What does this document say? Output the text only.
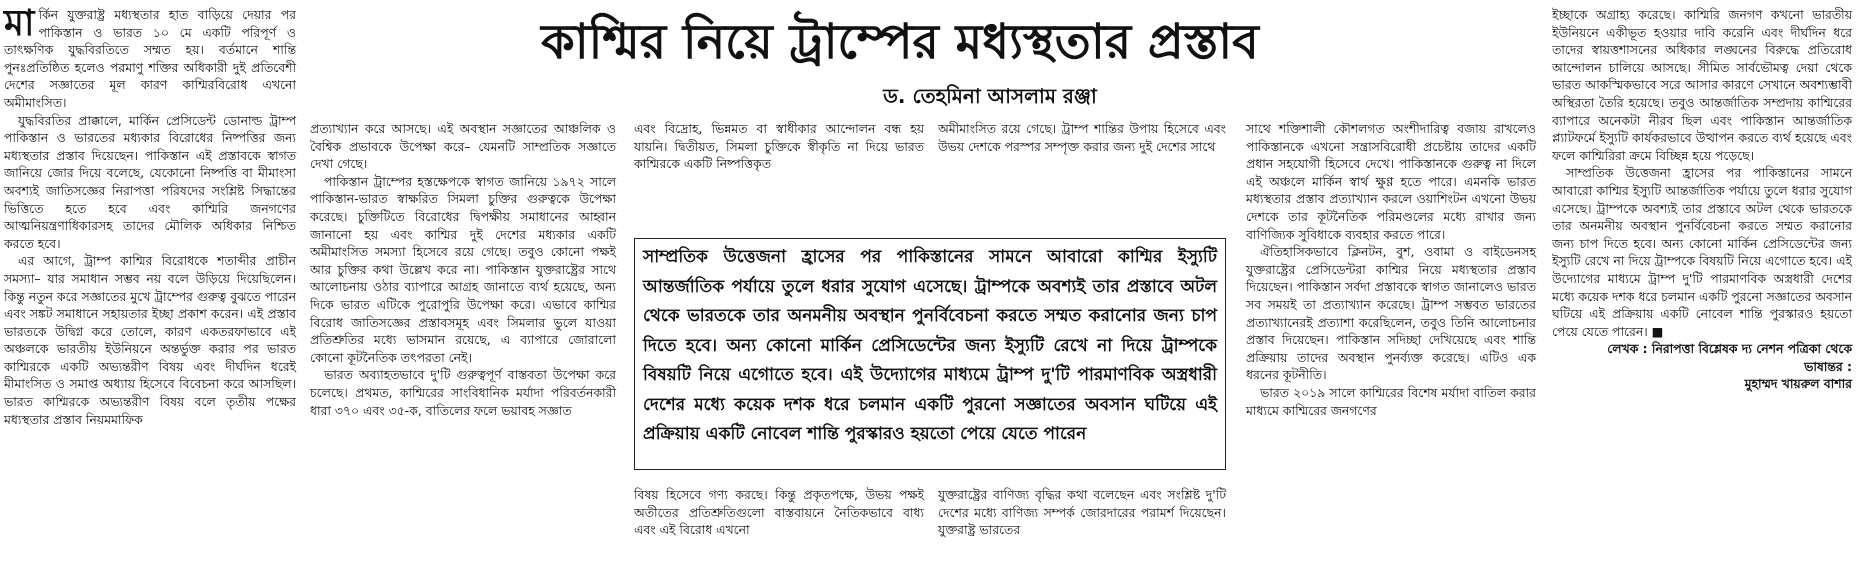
মার্কিন যুক্তরাষ্ট্র মধ্যস্থতার হাত বাড়িয়ে দেয়ার পর পাকিস্তান ও ভারত ১০ মে একটি পরিপূর্ণ ও তাৎক্ষণিক যুদ্ধবিরতিতে সম্মত হয়। বর্তমানে শান্তি পুনঃপ্রতিষ্ঠিত হলেও পরমাণু শক্তির অধিকারী দুই প্রতিবেশী দেশের সজ্ঞাতের মূল কারণ কাশ্মিরবিরোধ এখনো অমীমাংসিত।

যুদ্ধবিরতির প্রাক্কালে, মার্কিন প্রেসিডেন্ট ডোনাল্ড ট্রাম্প পাকিস্তান ও ভারতের মধ্যকার বিরোধের নিষ্পত্তির জন্য মধ্যস্থতার প্রস্তাব দিয়েছেন। পাকিস্তান এই প্রস্তাবকে স্বাগত জানিয়ে জোর দিয়ে বলেছে, যেকোনো নিষ্পত্তি বা মীমাংসা অবশ্যই জাতিসজ্ঞের নিরাপত্তা পরিষদের সংশ্লিষ্ট সিদ্ধান্তের ভিত্তিতে হতে হবে এবং কাশ্মিরি জনগণের আত্মনিয়ন্ত্রণাধিকারসহ তাদের মৌলিক অধিকার নিশ্চিত করতে হবে।

এর আগে, ট্রাম্প কাশ্মির বিরোধকে শতাব্দীর প্রাচীন সমস্যা– যার সমাধান সম্ভব নয় বলে উড়িয়ে দিয়েছিলেন। কিন্তু নতুন করে সজ্ঞাতের মুখে ট্রাম্পের গুরুত্ব বুঝতে পারেন এবং সঙ্কট সমাধানে সহায়তার ইচ্ছা প্রকাশ করেন। এই প্রস্তাব ভারতকে উদ্বিগ্ন করে তোলে, কারণ একতরফাভাবে এই অঞ্চলকে ভারতীয় ইউনিয়নে অন্তর্ভুক্ত করার পর ভারত কাশ্মিরকে একটি অভ্যন্তরীণ বিষয় এবং দীর্ঘদিন ধরেই মীমাংসিত ও সমাপ্ত অধ্যায় হিসেবে বিবেচনা করে আসছিল। ভারত কাশ্মিরকে অভ্যন্তরীণ বিষয় বলে তৃতীয় পক্ষের মধ্যস্থতার প্রস্তাব নিয়মমাফিক

প্রত্যাখ্যান করে আসছে। এই অবস্থান সজ্ঞাতের আঞ্চলিক ও বৈশ্বিক প্রভাবকে উপেক্ষা করে– যেমনটি সাম্প্রতিক সজ্ঞাতে দেখা গেছে।

পাকিস্তান ট্রাম্পের হস্তক্ষেপকে স্বাগত জানিয়ে ১৯৭২ সালে পাকিস্তান-ভারত স্বাক্ষরিত সিমলা চুক্তির গুরুত্বকে উপেক্ষা করেছে। চুক্তিটিতে বিরোধের দ্বিপক্ষীয় সমাধানের আহ্বান জানানো হয় এবং কাশ্মির দুই দেশের মধ্যকার একটি অমীমাংসিত সমস্যা হিসেবে রয়ে গেছে। তবুও কোনো পক্ষই আর চুক্তির কথা উল্লেখ করে না। পাকিস্তান যুক্তরাষ্ট্রের সাথে আলোচনায় ওঠার ব্যাপারে আগ্রহ জানাতে ব্যর্থ হয়েছে, অন্য দিকে ভারত এটিকে পুরোপুরি উপেক্ষা করে। এভাবে কাশ্মির বিরোধ জাতিসজ্ঞের প্রস্তাবসমূহ এবং সিমলার ভুলে যাওয়া প্রতিশ্রুতির মধ্যে ভাসমান রয়েছে, এ ব্যাপারে জোরালো কোনো কূটনৈতিক তৎপরতা নেই।

ভারত অব্যাহতভাবে দু'টি গুরুত্বপূর্ণ বাস্তবতা উপেক্ষা করে চলেছে। প্রথমত, কাশ্মিরের সাংবিধানিক মর্যাদা পরিবর্তনকারী ধারা ৩৭০ এবং ৩৫-ক, বাতিলের ফলে ভয়াবহ সজ্ঞাত

কাশ্মির নিয়ে ট্রাম্পের মধ্যস্থতার প্রস্তাব
ড. তেহমিনা আসলাম রঞ্জা

এবং বিদ্রোহ, ভিন্নমত বা স্বাধীকার আন্দোলন বন্ধ হয় যায়নি। দ্বিতীয়ত, সিমলা চুক্তিকে স্বীকৃতি না দিয়ে ভারত কাশ্মিরকে একটি নিষ্পত্তিকৃত

অমীমাংসিত রয়ে গেছে। ট্রাম্প শান্তির উপায় হিসেবে এবং উভয় দেশকে পরস্পর সম্পৃক্ত করার জন্য দুই দেশের সাথে

সাম্প্রতিক উত্তেজনা হ্রাসের পর পাকিস্তানের সামনে আবারো কাশ্মির ইস্যুটি আন্তর্জাতিক পর্যায়ে তুলে ধরার সুযোগ এসেছে। ট্রাম্পকে অবশ্যই তার প্রস্তাবে অটল থেকে ভারতকে তার অনমনীয় অবস্থান পুনর্বিবেচনা করতে সম্মত করানোর জন্য চাপ দিতে হবে। অন্য কোনো মার্কিন প্রেসিডেন্টের জন্য ইস্যুটি রেখে না দিয়ে ট্রাম্পকে বিষয়টি নিয়ে এগোতে হবে। এই উদ্যোগের মাধ্যমে ট্রাম্প দু'টি পারমাণবিক অস্ত্রধারী দেশের মধ্যে কয়েক দশক ধরে চলমান একটি পুরনো সজ্ঞাতের অবসান ঘটিয়ে এই প্রক্রিয়ায় একটি নোবেল শান্তি পুরস্কারও হয়তো পেয়ে যেতে পারেন

বিষয় হিসেবে গণ্য করছে। কিন্তু প্রকৃতপক্ষে, উভয় পক্ষই অতীতের প্রতিশ্রুতিগুলো বাস্তবায়নে নৈতিকভাবে বাধ্য এবং এই বিরোধ এখনো

যুক্তরাষ্ট্রের বাণিজ্য বৃদ্ধির কথা বলেছেন এবং সংশ্লিষ্ট দু'টি দেশের মধ্যে বাণিজ্য সম্পর্ক জোরদারের পরামর্শ দিয়েছেন। যুক্তরাষ্ট্র ভারতের

সাথে শক্তিশালী কৌশলগত অংশীদারিত্ব বজায় রাখলেও পাকিস্তানকে এখনো সন্ত্রাসবিরোধী প্রচেষ্টায় তাদের একটি প্রধান সহযোগী হিসেবে দেখে। পাকিস্তানকে গুরুত্ব না দিলে এই অঞ্চলে মার্কিন স্বার্থ ক্ষুণ্ণ হতে পারে। এমনকি ভারত মধ্যস্থতার প্রস্তাব প্রত্যাখ্যান করলে ওয়াশিংটন এখনো উভয় দেশকে তার কূটনৈতিক পরিমণ্ডলের মধ্যে রাখার জন্য বাণিজ্যিক সুবিধাকে ব্যবহার করতে পারে।

ঐতিহাসিকভাবে ক্লিনটন, বুশ, ওবামা ও বাইডেনসহ যুক্তরাষ্ট্রের প্রেসিডেন্টরা কাশ্মির নিয়ে মধ্যস্থতার প্রস্তাব দিয়েছেন। পাকিস্তান সর্বদা প্রস্তাবকে স্বাগত জানালেও ভারত সব সময়ই তা প্রত্যাখ্যান করেছে। ট্রাম্প সম্ভবত ভারতের প্রত্যাখ্যানেরই প্রত্যাশা করেছিলেন, তবুও তিনি আলোচনার প্রস্তাব দিয়েছেন। পাকিস্তান সদিচ্ছা দেখিয়েছে এবং শান্তি প্রক্রিয়ায় তাদের অবস্থান পুনর্ব্যক্ত করেছে। এটিও এক ধরনের কূটনীতি।

ভারত ২০১৯ সালে কাশ্মিরের বিশেষ মর্যাদা বাতিল করার মাধ্যমে কাশ্মিরের জনগণের

ইচ্ছাকে অগ্রাহ্য করেছে। কাশ্মিরি জনগণ কখনো ভারতীয় ইউনিয়নে একীভূত হওয়ার দাবি করেনি এবং দীর্ঘদিন ধরে তাদের স্বায়ত্তশাসনের অধিকার লঙ্ঘনের বিরুদ্ধে প্রতিরোধ আন্দোলন চালিয়ে আসছে। সীমিত সার্বভৌমত্ব দেয়া থেকে ভারত আকস্মিকভাবে সরে আসার কারণে সেখানে অবশ্যম্ভাবী অস্থিরতা তৈরি হয়েছে। তবুও আন্তর্জাতিক সম্প্রদায় কাশ্মিরের ব্যাপারে অনেকটা নীরব ছিল এবং পাকিস্তান আন্তর্জাতিক প্ল্যাটফর্মে ইস্যুটি কার্যকরভাবে উত্থাপন করতে ব্যর্থ হয়েছে এবং ফলে কাশ্মিরিরা ক্রমে বিচ্ছিন্ন হয়ে পড়েছে।

সাম্প্রতিক উত্তেজনা হ্রাসের পর পাকিস্তানের সামনে আবারো কাশ্মির ইস্যুটি আন্তর্জাতিক পর্যায়ে তুলে ধরার সুযোগ এসেছে। ট্রাম্পকে অবশ্যই তার প্রস্তাবে অটল থেকে ভারতকে তার অনমনীয় অবস্থান পুনর্বিবেচনা করতে সম্মত করানোর জন্য চাপ দিতে হবে। অন্য কোনো মার্কিন প্রেসিডেন্টের জন্য ইস্যুটি রেখে না দিয়ে ট্রাম্পকে বিষয়টি নিয়ে এগোতে হবে। এই উদ্যোগের মাধ্যমে ট্রাম্প দু'টি পারমাণবিক অস্ত্রধারী দেশের মধ্যে কয়েক দশক ধরে চলমান একটি পুরনো সজ্ঞাতের অবসান ঘটিয়ে এই প্রক্রিয়ায় একটি নোবেল শান্তি পুরস্কারও হয়তো পেয়ে যেতে পারেন। ■

লেখক : নিরাপত্তা বিশ্লেষক দ্য নেশন পত্রিকা থেকে ভাষান্তর :

মুহাম্মদ খায়রুল বাশার
